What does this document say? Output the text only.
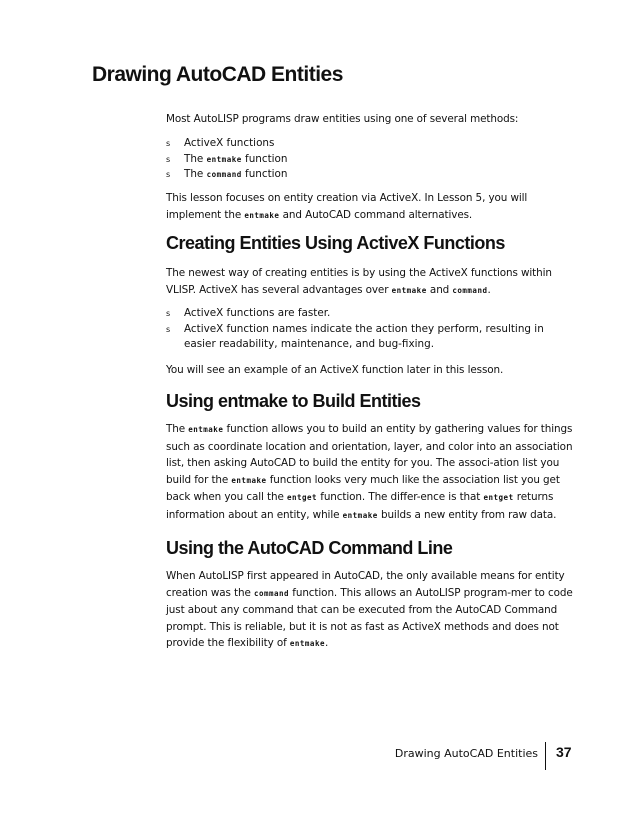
Drawing AutoCAD Entities

Most AutoLISP programs draw entities using one of several methods:

s ActiveX functions
s The entmake function
s The command function

This lesson focuses on entity creation via ActiveX. In Lesson 5, you will implement the entmake and AutoCAD command alternatives.

Creating Entities Using ActiveX Functions

The newest way of creating entities is by using the ActiveX functions within VLISP. ActiveX has several advantages over entmake and command.

s ActiveX functions are faster.
s ActiveX function names indicate the action they perform, resulting in easier readability, maintenance, and bug-fixing.

You will see an example of an ActiveX function later in this lesson.

Using entmake to Build Entities

The entmake function allows you to build an entity by gathering values for things such as coordinate location and orientation, layer, and color into an association list, then asking AutoCAD to build the entity for you. The associ-ation list you build for the entmake function looks very much like the association list you get back when you call the entget function. The differ-ence is that entget returns information about an entity, while entmake builds a new entity from raw data.

Using the AutoCAD Command Line

When AutoLISP first appeared in AutoCAD, the only available means for entity creation was the command function. This allows an AutoLISP program-mer to code just about any command that can be executed from the AutoCAD Command prompt. This is reliable, but it is not as fast as ActiveX methods and does not provide the flexibility of entmake.

Drawing AutoCAD Entities 37
